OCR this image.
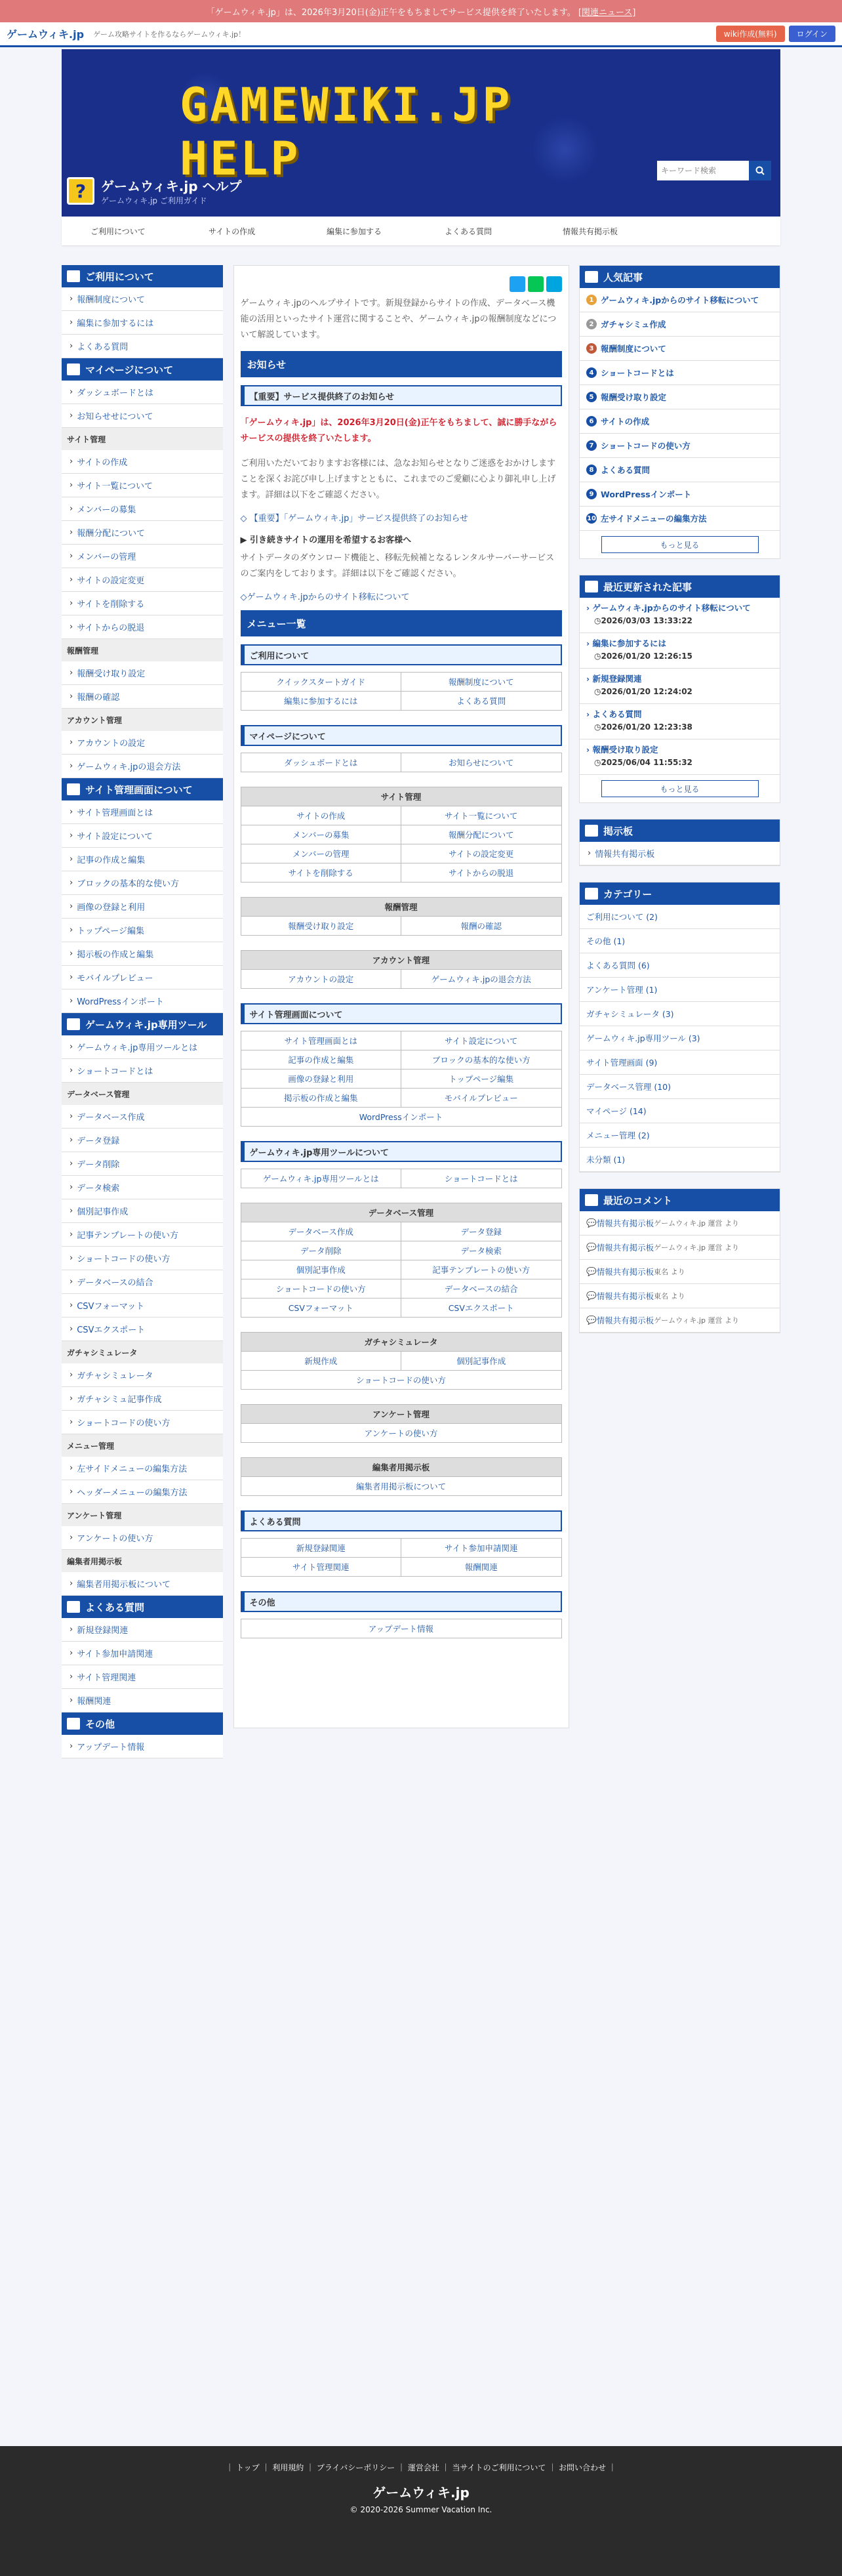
「ゲームウィキ.jp」は、2026年3月20日(金)正午をもちましてサービス提供を終了いたします。 [関連ニュース]
ゲームウィキ.jp ゲーム攻略サイトを作るならゲームウィキ.jp！	wiki作成(無料)	ログイン
GAMEWIKI.JP HELP
?	ゲームウィキ.jp ヘルプ
ゲームウィキ.jp ご利用ガイド
キーワード検索
ご利用について	サイトの作成	編集に参加する	よくある質問	情報共有掲示板
ご利用について
› 報酬制度について
› 編集に参加するには
› よくある質問
マイページについて
› ダッシュボードとは
› お知らせせについて
サイト管理
› サイトの作成
› サイト一覧について
› メンバーの募集
› 報酬分配について
› メンバーの管理
› サイトの設定変更
› サイトを削除する
› サイトからの脱退
報酬管理
› 報酬受け取り設定
› 報酬の確認
アカウント管理
› アカウントの設定
› ゲームウィキ.jpの退会方法
サイト管理画面について
› サイト管理画面とは
› サイト設定について
› 記事の作成と編集
› ブロックの基本的な使い方
› 画像の登録と利用
› トップページ編集
› 掲示板の作成と編集
› モバイルプレビュー
› WordPressインポート
ゲームウィキ.jp専用ツール
› ゲームウィキ.jp専用ツールとは
› ショートコードとは
データベース管理
› データベース作成
› データ登録
› データ削除
› データ検索
› 個別記事作成
› 記事テンプレートの使い方
› ショートコードの使い方
› データベースの結合
› CSVフォーマット
› CSVエクスポート
ガチャシミュレータ
› ガチャシミュレータ
› ガチャシミュ記事作成
› ショートコードの使い方
メニュー管理
› 左サイドメニューの編集方法
› ヘッダーメニューの編集方法
アンケート管理
› アンケートの使い方
編集者用掲示板
› 編集者用掲示板について
よくある質問
› 新規登録関連
› サイト参加申請関連
› サイト管理関連
› 報酬関連
その他
› アップデート情報

ゲームウィキ.jpのヘルプサイトです。新規登録からサイトの作成、データベース機能の活用といったサイト運営に関することや、ゲームウィキ.jpの報酬制度などについて解説しています。

お知らせ
【重要】サービス提供終了のお知らせ

「ゲームウィキ.jp」は、2026年3月20日(金)正午をもちまして、誠に勝手ながらサービスの提供を終了いたします。

ご利用いただいておりますお客様には、急なお知らせとなりご迷惑をおかけしますことを深くお詫び申し上げますとともに、これまでのご愛顧に心より御礼申し上げます。詳細は以下をご確認ください。

◇ 【重要】「ゲームウィキ.jp」サービス提供終了のお知らせ
▶ 引き続きサイトの運用を希望するお客様へ

サイトデータのダウンロード機能と、移転先候補となるレンタルサーバーサービスのご案内をしております。詳細は以下をご確認ください。

◇ゲームウィキ.jpからのサイト移転について
メニュー一覧
ご利用について
クイックスタートガイド	報酬制度について
編集に参加するには	よくある質問
マイページについて
ダッシュボードとは	お知らせについて
サイト管理	
サイトの作成	サイト一覧について
メンバーの募集	報酬分配について
メンバーの管理	サイトの設定変更
サイトを削除する	サイトからの脱退
報酬管理
報酬受け取り設定	報酬の確認
アカウント管理
アカウントの設定	ゲームウィキ.jpの退会方法
サイト管理画面について
サイト管理画面とは	サイト設定について
記事の作成と編集	ブロックの基本的な使い方
画像の登録と利用	トップページ編集
掲示板の作成と編集	モバイルプレビュー
WordPressインポート	
ゲームウィキ.jp専用ツールについて
ゲームウィキ.jp専用ツールとは	ショートコードとは
データベース管理	
データベース作成	データ登録
データ削除	データ検索
個別記事作成	記事テンプレートの使い方
ショートコードの使い方	データベースの結合
CSVフォーマット	CSVエクスポート
ガチャシミュレータ
新規作成	個別記事作成
ショートコードの使い方
アンケート管理
アンケートの使い方
編集者用掲示板
編集者用掲示板について
よくある質問
新規登録関連	サイト参加申請関連
サイト管理関連	報酬関連
その他
アップデート情報
人気記事
1 ゲームウィキ.jpからのサイト移転について
2 ガチャシミュ作成
3 報酬制度について
4 ショートコードとは
5 報酬受け取り設定
6 サイトの作成
7 ショートコードの使い方
8 よくある質問
9 WordPressインポート
10 左サイドメニューの編集方法
もっと見る
最近更新された記事
› ゲームウィキ.jpからのサイト移転について
◷2026/03/03 13:33:22
› 編集に参加するには
◷2026/01/20 12:26:15
› 新規登録関連
◷2026/01/20 12:24:02
› よくある質問
◷2026/01/20 12:23:38
› 報酬受け取り設定
◷2025/06/04 11:55:32
もっと見る
掲示板
› 情報共有掲示板
カテゴリー
ご利用について (2)
その他 (1)
よくある質問 (6)
アンケート管理 (1)
ガチャシミュレータ (3)
ゲームウィキ.jp専用ツール (3)
サイト管理画面 (9)
データベース管理 (10)
マイページ (14)
メニュー管理 (2)
未分類 (1)
最近のコメント
💬 情報共有掲示板 ゲームウィキ.jp 運営 より
💬 情報共有掲示板 ゲームウィキ.jp 運営 より
💬 情報共有掲示板 東名 より
💬 情報共有掲示板 東名 より
💬 情報共有掲示板 ゲームウィキ.jp 運営 より
｜ トップ ｜ 利用規約 ｜ プライバシーポリシー ｜ 運営会社 ｜ 当サイトのご利用について ｜ お問い合わせ ｜
ゲームウィキ.jp
© 2020-2026 Summer Vacation Inc.
